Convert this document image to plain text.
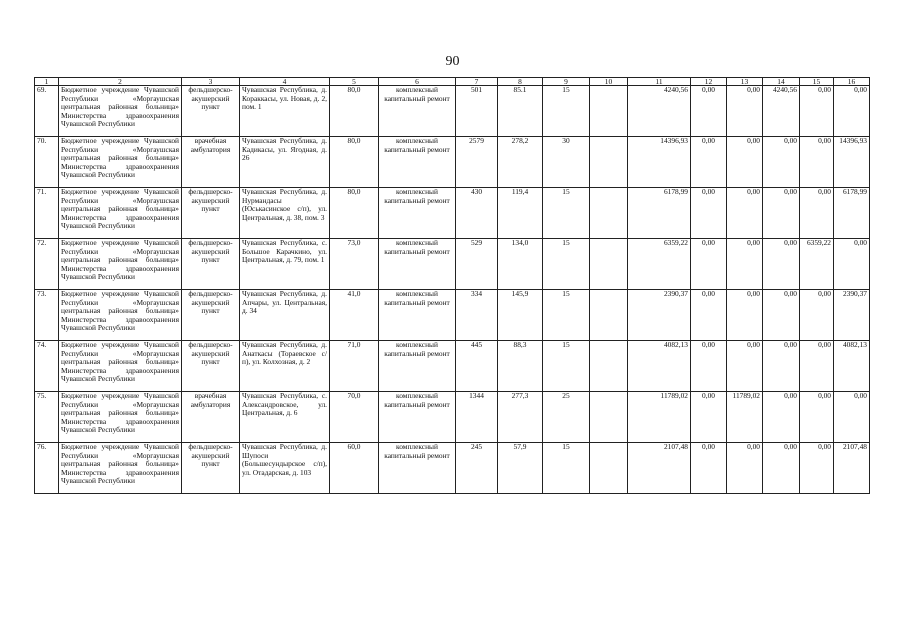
90
1	2	3	4	5	6	7	8	9	10	11	12	13	14	15	16
69.	Бюджетное учреждение Чувашской Республики «Моргаушская центральная районная больница» Министерства здравоохранения Чувашской Республики	фельдшерско-акушерский пункт	Чувашская Республика, д. Кораккасы, ул. Новая, д. 2, пом. 1	80,0	комплексный капитальный ремонт	501	85.1	15		4240,56	0,00	0,00	4240,56	0,00	0,00
70.	Бюджетное учреждение Чувашской Республики «Моргаушская центральная районная больница» Министерства здравоохранения Чувашской Республики	врачебная амбулатория	Чувашская Республика, д. Кадикасы, ул. Ягодная, д. 26	80,0	комплексный капитальный ремонт	2579	278,2	30		14396,93	0,00	0,00	0,00	0,00	14396,93
71.	Бюджетное учреждение Чувашской Республики «Моргаушская центральная районная больница» Министерства здравоохранения Чувашской Республики	фельдшерско-акушерский пункт	Чувашская Республика, д. Нурмандасы (Юськасинское с/п), ул. Центральная, д. 38, пом. 3	80,0	комплексный капитальный ремонт	430	119,4	15		6178,99	0,00	0,00	0,00	0,00	6178,99
72.	Бюджетное учреждение Чувашской Республики «Моргаушская центральная районная больница» Министерства здравоохранения Чувашской Республики	фельдшерско-акушерский пункт	Чувашская Республика, с. Большое Карачкино, ул. Центральная, д. 79, пом. 1	73,0	комплексный капитальный ремонт	529	134,0	15		6359,22	0,00	0,00	0,00	6359,22	0,00
73.	Бюджетное учреждение Чувашской Республики «Моргаушская центральная районная больница» Министерства здравоохранения Чувашской Республики	фельдшерско-акушерский пункт	Чувашская Республика, д. Апчары, ул. Центральная, д. 34	41,0	комплексный капитальный ремонт	334	145,9	15		2390,37	0,00	0,00	0,00	0,00	2390,37
74.	Бюджетное учреждение Чувашской Республики «Моргаушская центральная районная больница» Министерства здравоохранения Чувашской Республики	фельдшерско-акушерский пункт	Чувашская Республика, д. Анаткасы (Тораевское с/п), ул. Колхозная, д. 2	71,0	комплексный капитальный ремонт	445	88,3	15		4082,13	0,00	0,00	0,00	0,00	4082,13
75.	Бюджетное учреждение Чувашской Республики «Моргаушская центральная районная больница» Министерства здравоохранения Чувашской Республики	врачебная амбулатория	Чувашская Республика, с. Александровское, ул. Центральная, д. 6	70,0	комплексный капитальный ремонт	1344	277,3	25		11789,02	0,00	11789,02	0,00	0,00	0,00
76.	Бюджетное учреждение Чувашской Республики «Моргаушская центральная районная больница» Министерства здравоохранения Чувашской Республики	фельдшерско-акушерский пункт	Чувашская Республика, д. Шупоси (Большесундырское с/п), ул. Отадарская, д. 103	60,0	комплексный капитальный ремонт	245	57,9	15		2107,48	0,00	0,00	0,00	0,00	2107,48
